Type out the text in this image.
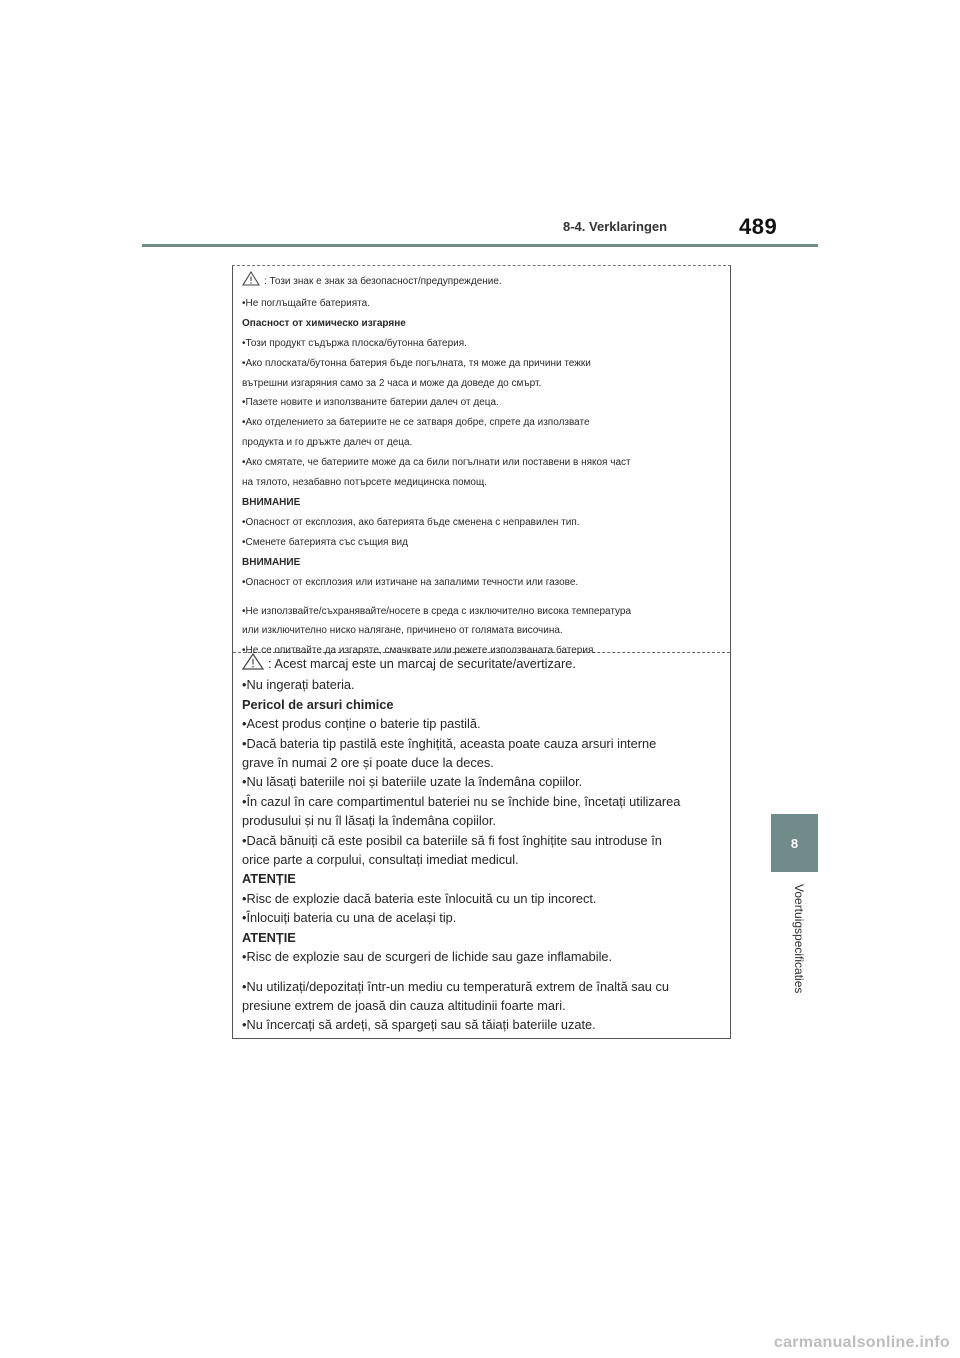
8-4. Verklaringen	489
8
Voertuigspecificaties

: Този знак е знак за безопасност/предупреждение.

•Не поглъщайте батерията.

Опасност от химическо изгаряне

•Този продукт съдържа плоска/бутонна батерия.

•Ако плоската/бутонна батерия бъде погълната, тя може да причини тежки

вътрешни изгаряния само за 2 часа и може да доведе до смърт.

•Пазете новите и използваните батерии далеч от деца.

•Ако отделението за батериите не се затваря добре, спрете да използвате

продукта и го дръжте далеч от деца.

•Ако смятате, че батериите може да са били погълнати или поставени в някоя част

на тялото, незабавно потърсете медицинска помощ.

ВНИМАНИЕ

•Опасност от експлозия, ако батерията бъде сменена с неправилен тип.

•Сменете батерията със същия вид

ВНИМАНИЕ

•Опасност от експлозия или изтичане на запалими течности или газове.

•Не използвайте/съхранявайте/носете в среда с изключително висока температура

или изключително ниско налягане, причинено от голямата височина.

•Не се опитвайте да изгаряте, смачквате или режете използваната батерия.

: Acest marcaj este un marcaj de securitate/avertizare.

•Nu ingerați bateria.

Pericol de arsuri chimice

•Acest produs conține o baterie tip pastilă.

•Dacă bateria tip pastilă este înghițită, aceasta poate cauza arsuri interne

grave în numai 2 ore și poate duce la deces.

•Nu lăsați bateriile noi și bateriile uzate la îndemâna copiilor.

•În cazul în care compartimentul bateriei nu se închide bine, încetați utilizarea

produsului și nu îl lăsați la îndemâna copiilor.

•Dacă bănuiți că este posibil ca bateriile să fi fost înghițite sau introduse în

orice parte a corpului, consultați imediat medicul.

ATENȚIE

•Risc de explozie dacă bateria este înlocuită cu un tip incorect.

•Înlocuiți bateria cu una de același tip.

ATENȚIE

•Risc de explozie sau de scurgeri de lichide sau gaze inflamabile.

•Nu utilizați/depozitați într-un mediu cu temperatură extrem de înaltă sau cu

presiune extrem de joasă din cauza altitudinii foarte mari.

•Nu încercați să ardeți, să spargeți sau să tăiați bateriile uzate.

carmanualsonline.info
